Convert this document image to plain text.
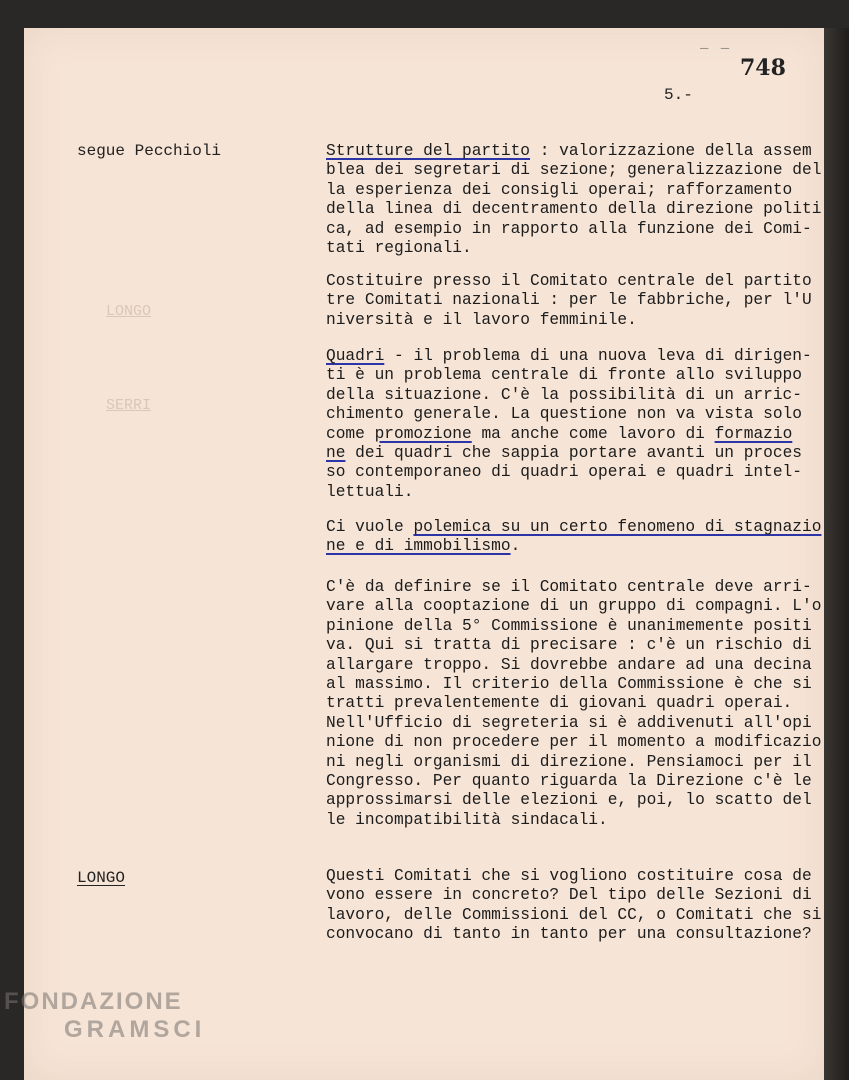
_ _
748
5.-
segue Pecchioli
LONGO
SERRI

Strutture del partito : valorizzazione della assem
blea dei segretari di sezione; generalizzazione del
la esperienza dei consigli operai; rafforzamento
della linea di decentramento della direzione politi
ca, ad esempio in rapporto alla funzione dei Comi-
tati regionali.

Costituire presso il Comitato centrale del partito
tre Comitati nazionali : per le fabbriche, per l'U
niversità e il lavoro femminile.

Quadri - il problema di una nuova leva di dirigen-
ti è un problema centrale di fronte allo sviluppo
della situazione. C'è la possibilità di un arric-
chimento generale. La questione non va vista solo
come promozione ma anche come lavoro di formazio
ne dei quadri che sappia portare avanti un proces
so contemporaneo di quadri operai e quadri intel-
lettuali.

Ci vuole polemica su un certo fenomeno di stagnazio
ne e di immobilismo.

C'è da definire se il Comitato centrale deve arri-
vare alla cooptazione di un gruppo di compagni. L'o
pinione della 5° Commissione è unanimemente positi
va. Qui si tratta di precisare : c'è un rischio di
allargare troppo. Si dovrebbe andare ad una decina
al massimo. Il criterio della Commissione è che si
tratti prevalentemente di giovani quadri operai.
Nell'Ufficio di segreteria si è addivenuti all'opi
nione di non procedere per il momento a modificazio
ni negli organismi di direzione. Pensiamoci per il
Congresso. Per quanto riguarda la Direzione c'è le
approssimarsi delle elezioni e, poi, lo scatto del
le incompatibilità sindacali.

LONGO	Questi Comitati che si vogliono costituire cosa de
vono essere in concreto? Del tipo delle Sezioni di
lavoro, delle Commissioni del CC, o Comitati che si
convocano di tanto in tanto per una consultazione?

FONDAZIONE
GRAMSCI
